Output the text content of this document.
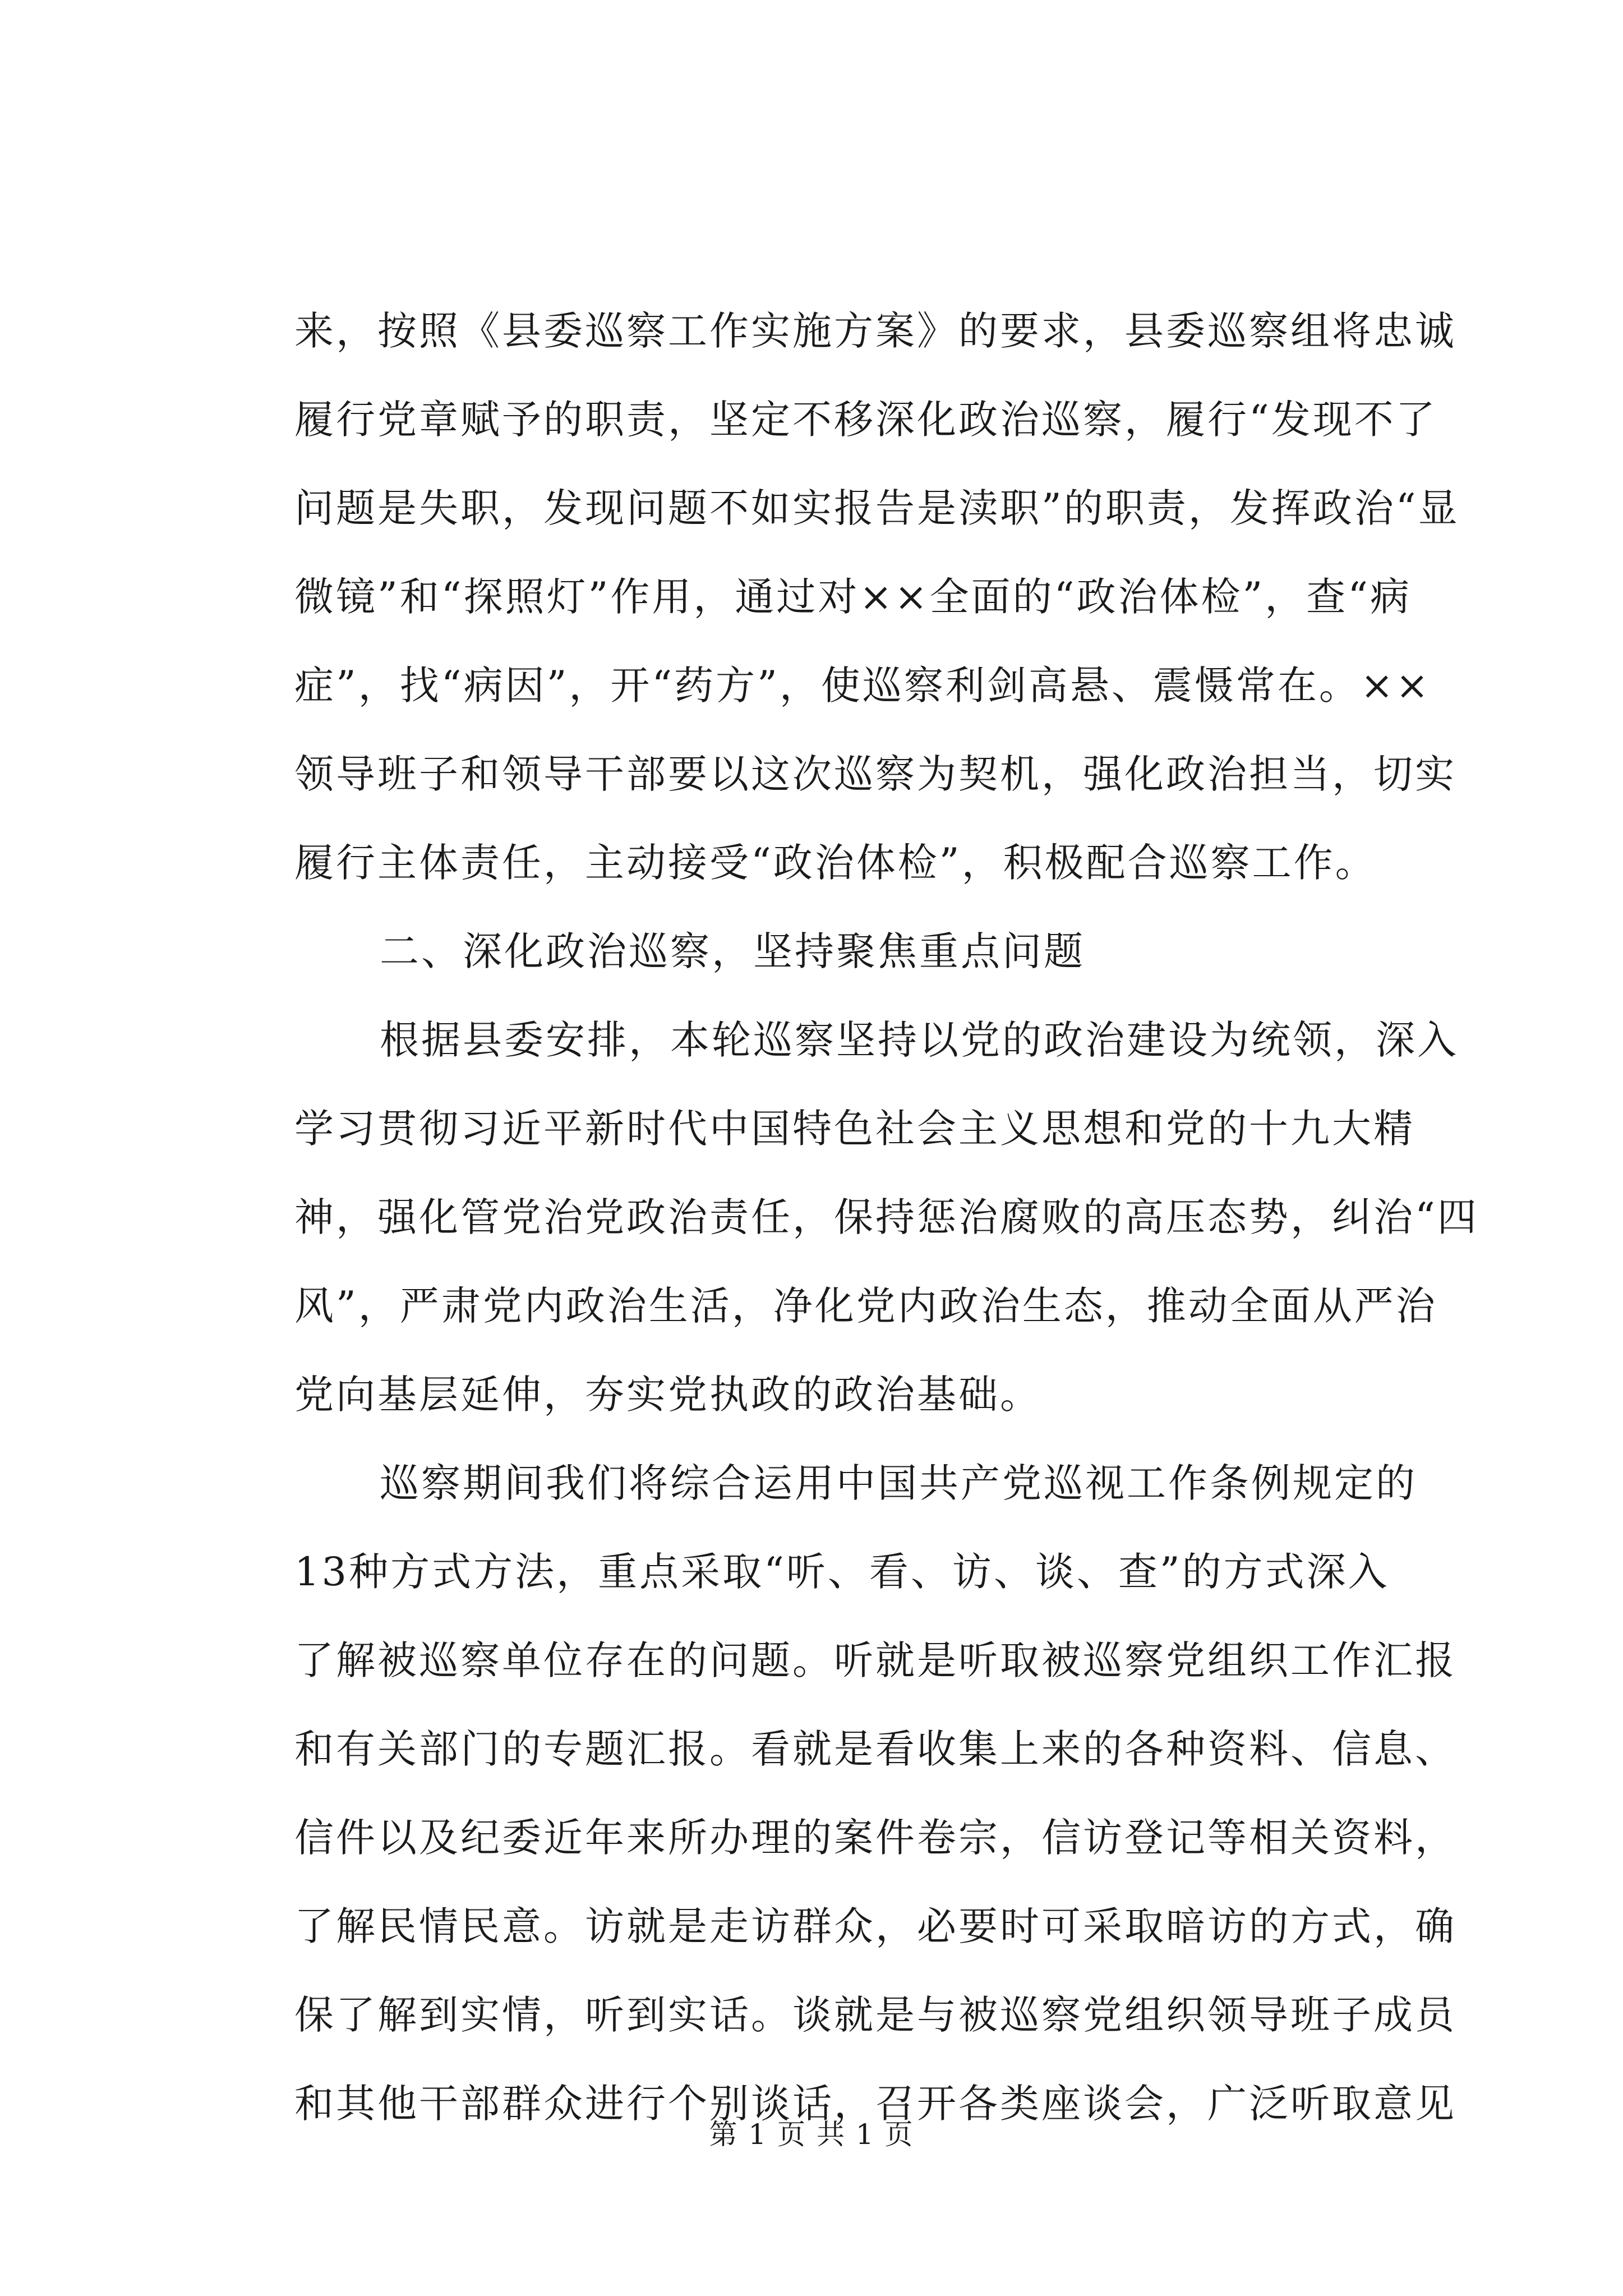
来，按照《县委巡察工作实施方案》的要求，县委巡察组将忠诚
履行党章赋予的职责，坚定不移深化政治巡察，履行“发现不了
问题是失职，发现问题不如实报告是渎职”的职责，发挥政治“显
微镜”和“探照灯”作用，通过对××全面的“政治体检”，查“病
症”，找“病因”，开“药方”，使巡察利剑高悬、震慑常在。××
领导班子和领导干部要以这次巡察为契机，强化政治担当，切实
履行主体责任，主动接受“政治体检”，积极配合巡察工作。
二、深化政治巡察，坚持聚焦重点问题
根据县委安排，本轮巡察坚持以党的政治建设为统领，深入
学习贯彻习近平新时代中国特色社会主义思想和党的十九大精
神，强化管党治党政治责任，保持惩治腐败的高压态势，纠治“四
风”，严肃党内政治生活，净化党内政治生态，推动全面从严治
党向基层延伸，夯实党执政的政治基础。
巡察期间我们将综合运用中国共产党巡视工作条例规定的
13种方式方法，重点采取“听、看、访、谈、查”的方式深入
了解被巡察单位存在的问题。听就是听取被巡察党组织工作汇报
和有关部门的专题汇报。看就是看收集上来的各种资料、信息、
信件以及纪委近年来所办理的案件卷宗，信访登记等相关资料，
了解民情民意。访就是走访群众，必要时可采取暗访的方式，确
保了解到实情，听到实话。谈就是与被巡察党组织领导班子成员
和其他干部群众进行个别谈话，召开各类座谈会，广泛听取意见
第 1 页 共 1 页
